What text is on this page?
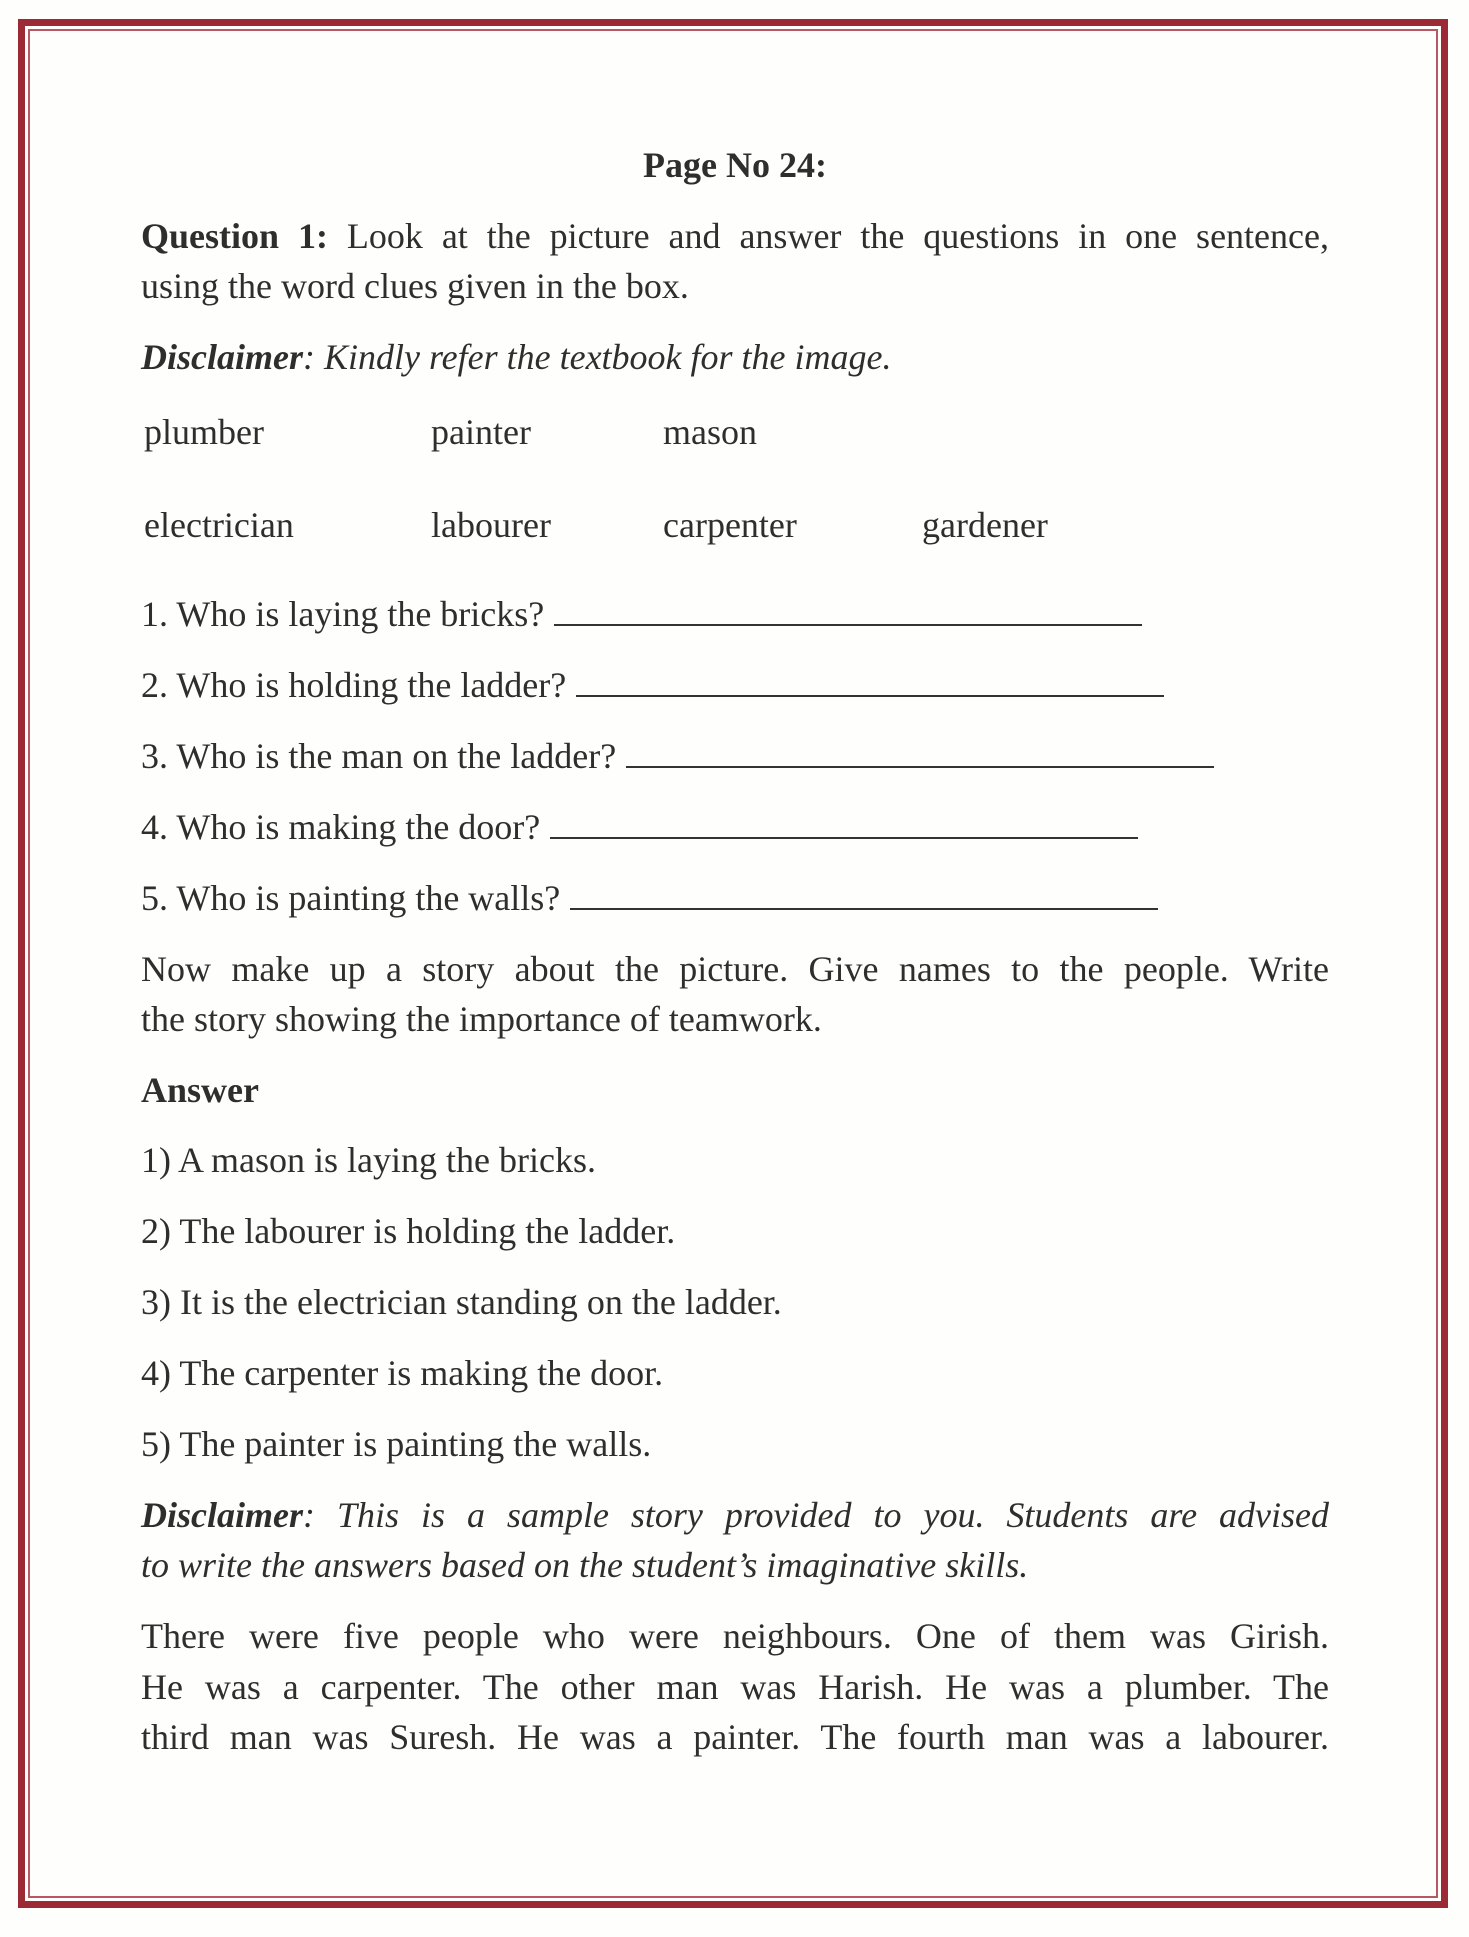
Page No 24:
Question 1: Look at the picture and answer the questions in one sentence,
using the word clues given in the box.
Disclaimer: Kindly refer the textbook for the image.
plumber	painter	mason
electrician	labourer	carpenter	gardener
1. Who is laying the bricks?
2. Who is holding the ladder?
3. Who is the man on the ladder?
4. Who is making the door?
5. Who is painting the walls?
Now make up a story about the picture. Give names to the people. Write
the story showing the importance of teamwork.
Answer
1) A mason is laying the bricks.
2) The labourer is holding the ladder.
3) It is the electrician standing on the ladder.
4) The carpenter is making the door.
5) The painter is painting the walls.
Disclaimer: This is a sample story provided to you. Students are advised
to write the answers based on the student’s imaginative skills.
There were five people who were neighbours. One of them was Girish.
He was a carpenter. The other man was Harish. He was a plumber. The
third man was Suresh. He was a painter. The fourth man was a labourer.
